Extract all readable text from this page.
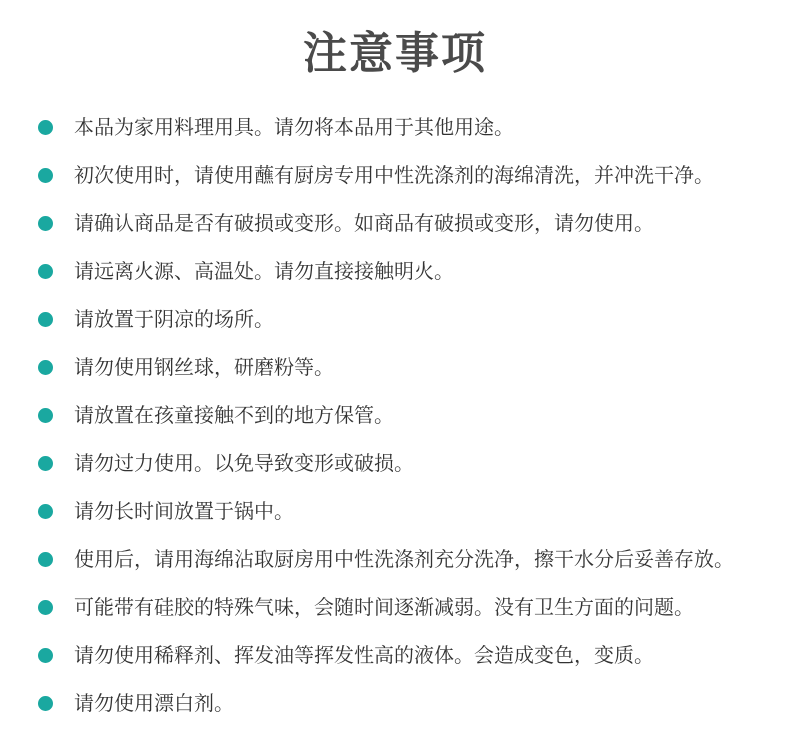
注意事项
本品为家用料理用具。请勿将本品用于其他用途。
初次使用时，请使用蘸有厨房专用中性洗涤剂的海绵清洗，并冲洗干净。
请确认商品是否有破损或变形。如商品有破损或变形，请勿使用。
请远离火源、高温处。请勿直接接触明火。
请放置于阴凉的场所。
请勿使用钢丝球，研磨粉等。
请放置在孩童接触不到的地方保管。
请勿过力使用。以免导致变形或破损。
请勿长时间放置于锅中。
使用后，请用海绵沾取厨房用中性洗涤剂充分洗净，擦干水分后妥善存放。
可能带有硅胶的特殊气味，会随时间逐渐减弱。没有卫生方面的问题。
请勿使用稀释剂、挥发油等挥发性高的液体。会造成变色，变质。
请勿使用漂白剂。
